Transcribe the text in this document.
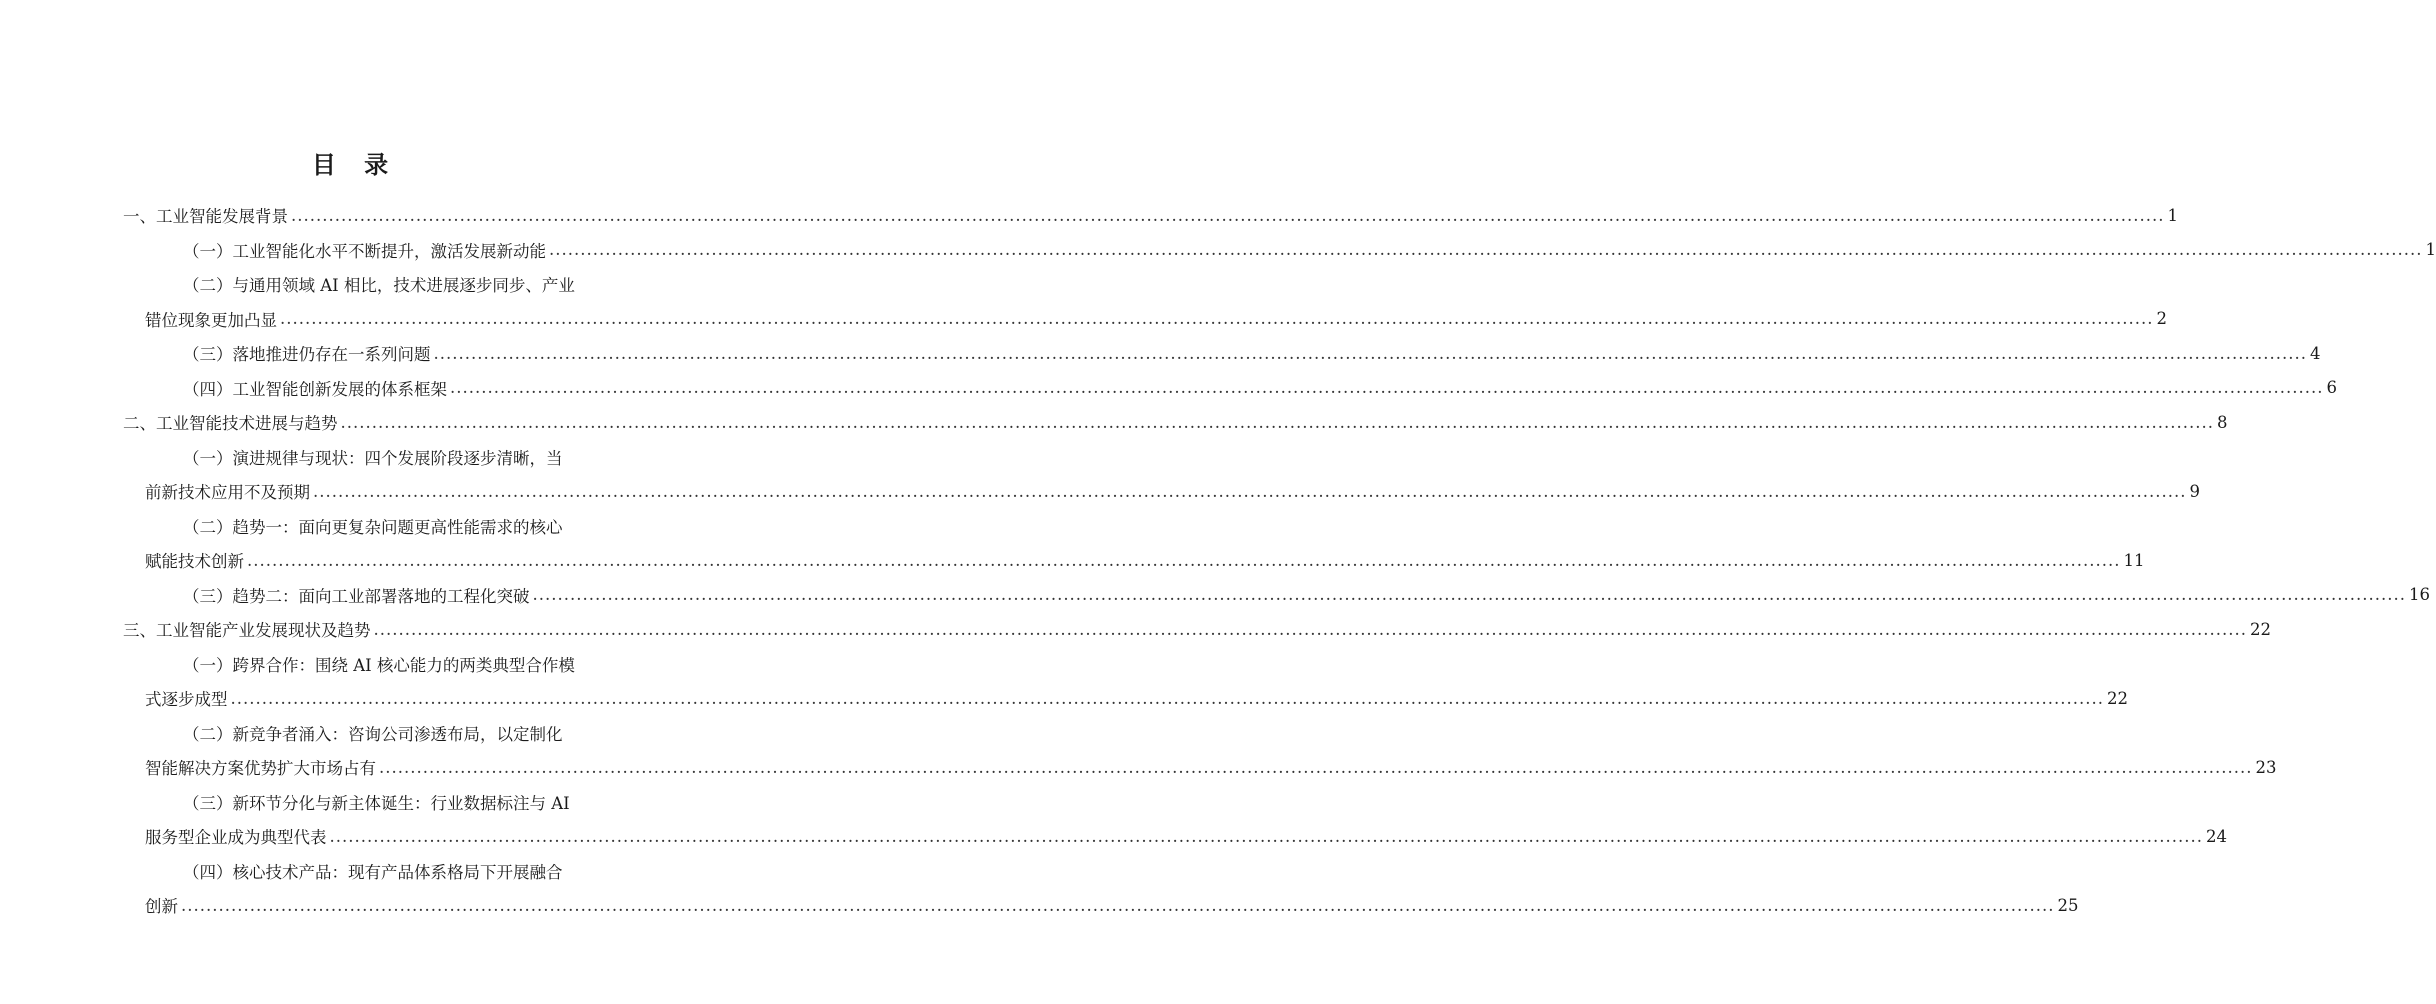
目 录
一、工业智能发展背景 ............................................................................................................................................................................................................................................................................................................ 1
（一）工业智能化水平不断提升，激活发展新动能 ............................................................................................................................................................................................................................................................................................................ 1
（二）与通用领域 AI 相比，技术进展逐步同步、产业
错位现象更加凸显 ............................................................................................................................................................................................................................................................................................................ 2
（三）落地推进仍存在一系列问题 ............................................................................................................................................................................................................................................................................................................ 4
（四）工业智能创新发展的体系框架 ............................................................................................................................................................................................................................................................................................................ 6
二、工业智能技术进展与趋势 ............................................................................................................................................................................................................................................................................................................ 8
（一）演进规律与现状：四个发展阶段逐步清晰，当
前新技术应用不及预期 ............................................................................................................................................................................................................................................................................................................ 9
（二）趋势一：面向更复杂问题更高性能需求的核心
赋能技术创新 ............................................................................................................................................................................................................................................................................................................ 11
（三）趋势二：面向工业部署落地的工程化突破 ............................................................................................................................................................................................................................................................................................................ 16
三、工业智能产业发展现状及趋势 ............................................................................................................................................................................................................................................................................................................ 22
（一）跨界合作：围绕 AI 核心能力的两类典型合作模
式逐步成型 ............................................................................................................................................................................................................................................................................................................ 22
（二）新竞争者涌入：咨询公司渗透布局，以定制化
智能解决方案优势扩大市场占有 ............................................................................................................................................................................................................................................................................................................ 23
（三）新环节分化与新主体诞生：行业数据标注与 AI
服务型企业成为典型代表 ............................................................................................................................................................................................................................................................................................................ 24
（四）核心技术产品：现有产品体系格局下开展融合
创新 ............................................................................................................................................................................................................................................................................................................ 25
